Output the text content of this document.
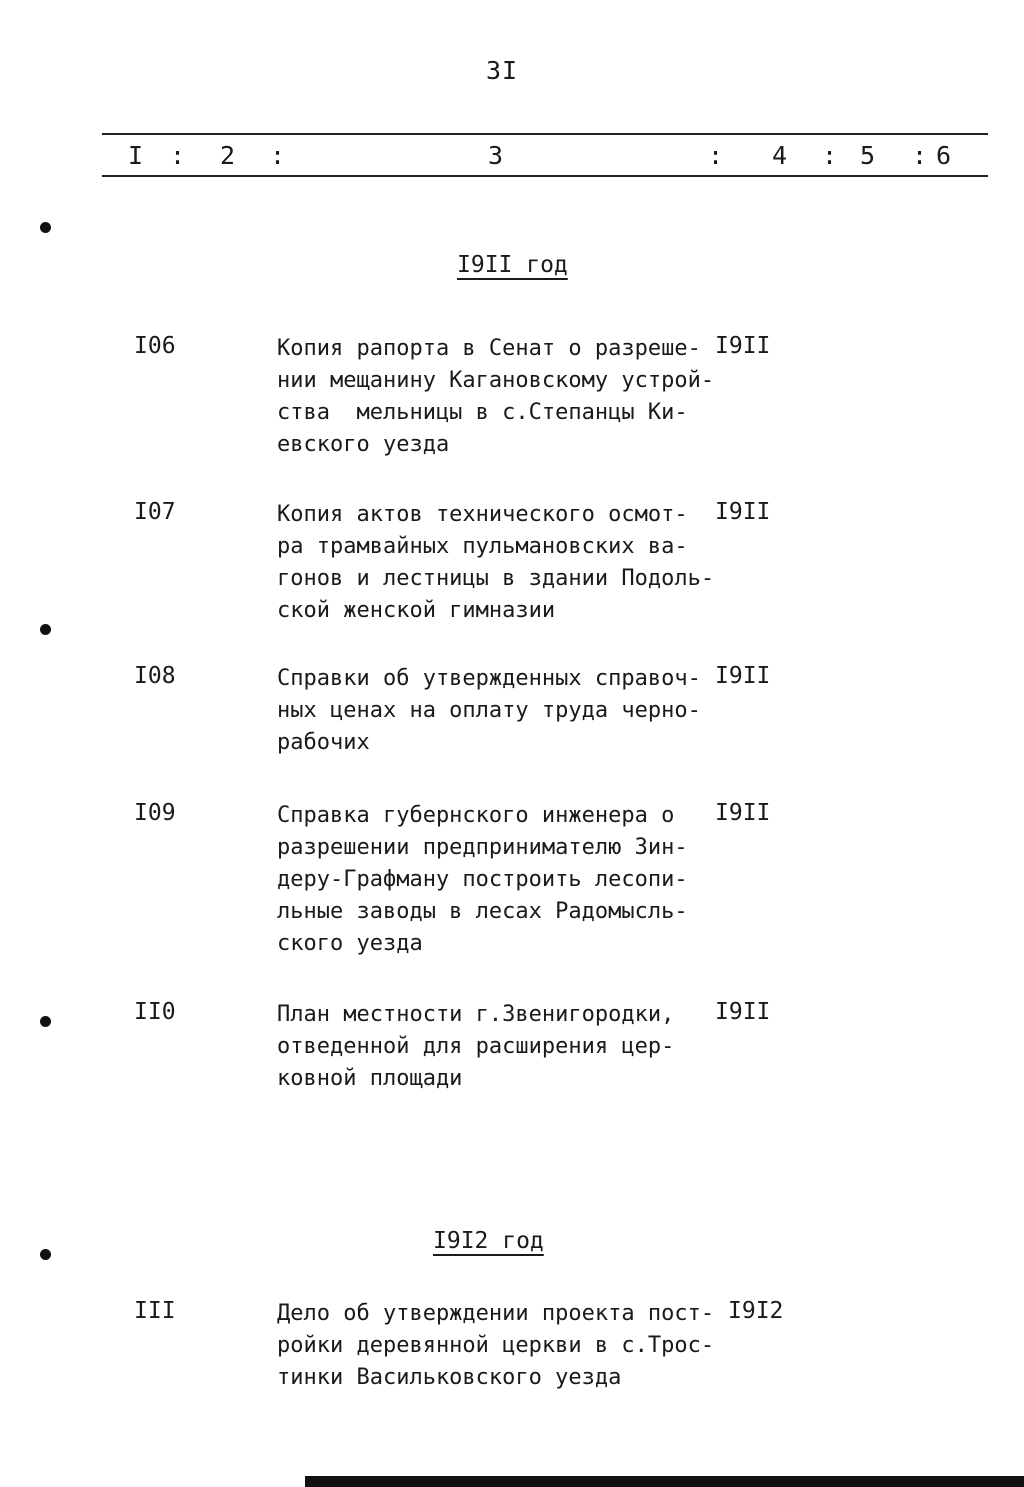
3I
I : 2 :	3	: 4 : 5 : 6
I9II год
I06	Копия рапорта в Сенат о разреше-
нии мещанину Кагановскому устрой-
ства  мельницы в с.Степанцы Ки-
евского уезда
I9II
I07	Копия актов технического осмот-
ра трамвайных пульмановских ва-
гонов и лестницы в здании Подоль-
ской женской гимназии
I9II
I08	Справки об утвержденных справоч-
ных ценах на оплату труда черно-
рабочих
I9II
I09	Справка губернского инженера о
разрешении предпринимателю Зин-
деру-Графману построить лесопи-
льные заводы в лесах Радомысль-
ского уезда
I9II
II0	План местности г.Звенигородки,
отведенной для расширения цер-
ковной площади
I9II
I9I2 год
III	Дело об утверждении проекта пост-
ройки деревянной церкви в с.Трос-
тинки Васильковского уезда
I9I2
